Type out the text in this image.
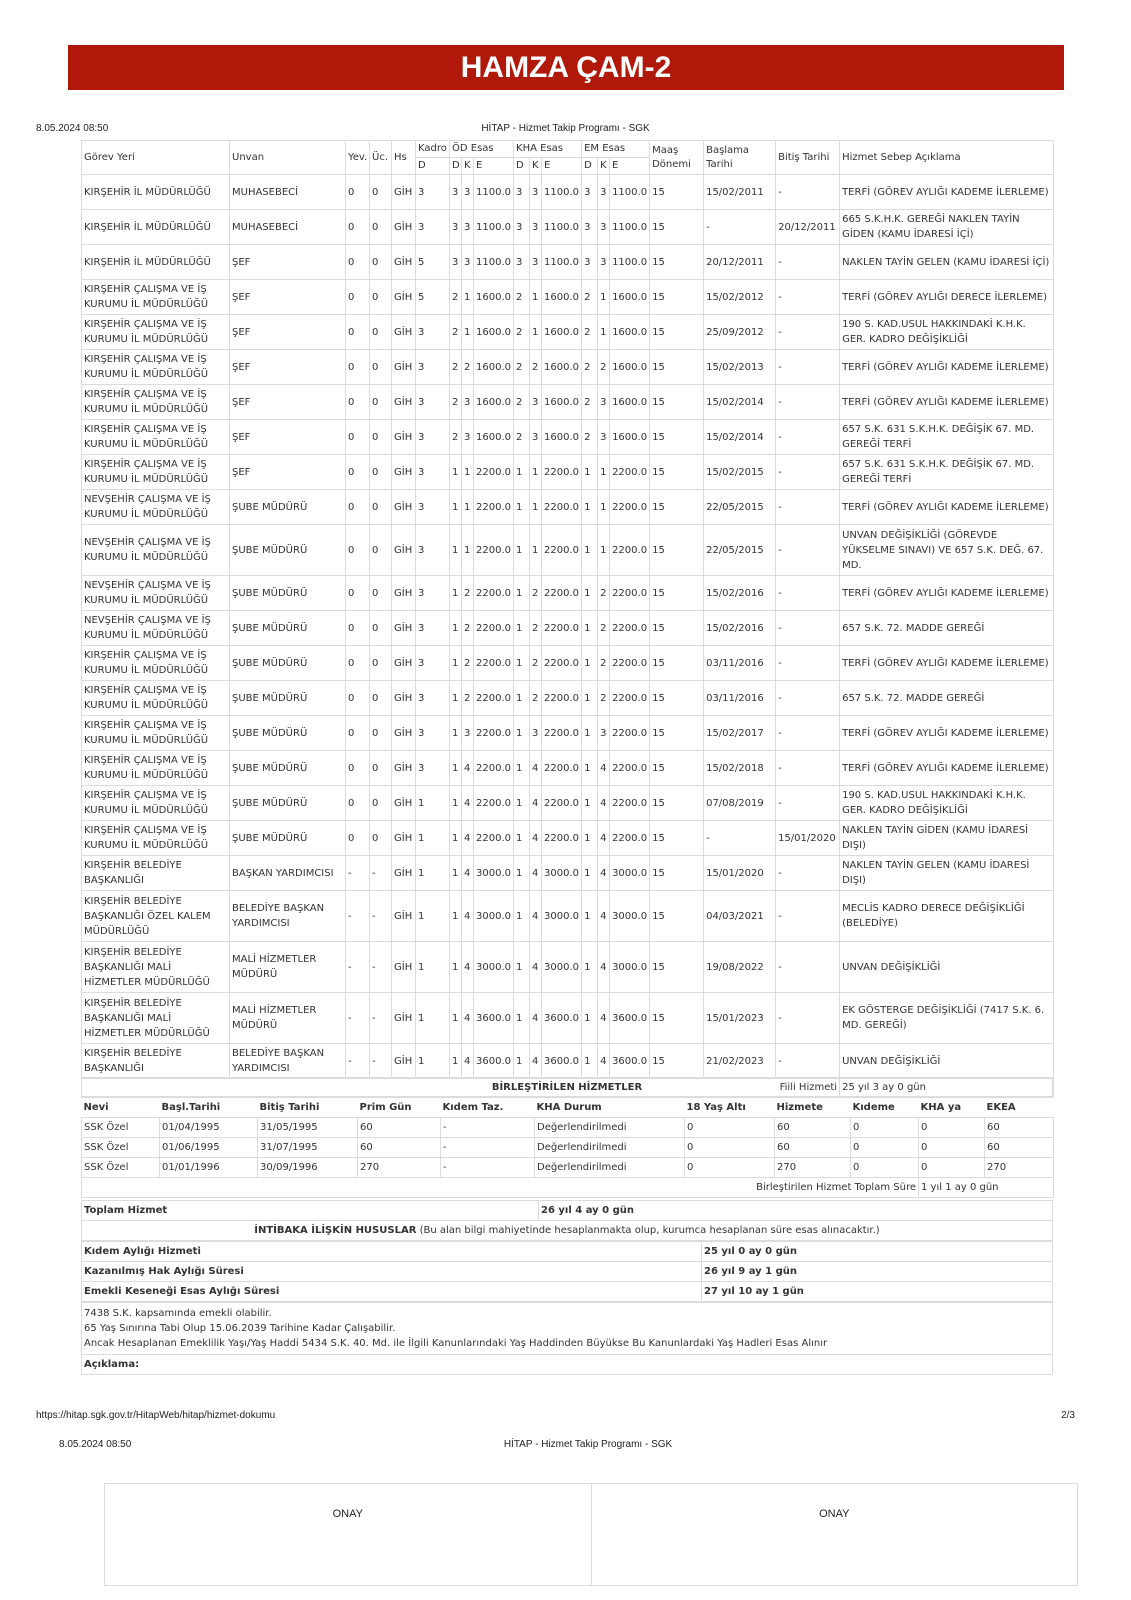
HAMZA ÇAM-2
8.05.2024 08:50	HİTAP - Hizmet Takip Programı - SGK
Görev Yeri	Unvan	Yev.	Üc.	Hs	Kadro	ÖD Esas			KHA Esas			EM Esas			Maaş Dönemi	Başlama Tarihi	Bitiş Tarihi	Hizmet Sebep Açıklama
					D	D	K	E	D	K	E	D	K	E				
KIRŞEHİR İL MÜDÜRLÜĞÜ	MUHASEBECİ	0	0	GİH	3	3	3	1100.0	3	3	1100.0	3	3	1100.0	15	15/02/2011	-	TERFİ (GÖREV AYLIĞI KADEME İLERLEME)
KIRŞEHİR İL MÜDÜRLÜĞÜ	MUHASEBECİ	0	0	GİH	3	3	3	1100.0	3	3	1100.0	3	3	1100.0	15	-	20/12/2011	665 S.K.H.K. GEREĞİ NAKLEN TAYİN GİDEN (KAMU İDARESİ İÇİ)
KIRŞEHİR İL MÜDÜRLÜĞÜ	ŞEF	0	0	GİH	5	3	3	1100.0	3	3	1100.0	3	3	1100.0	15	20/12/2011	-	NAKLEN TAYİN GELEN (KAMU İDARESİ İÇİ)
KIRŞEHİR ÇALIŞMA VE İŞ KURUMU İL MÜDÜRLÜĞÜ	ŞEF	0	0	GİH	5	2	1	1600.0	2	1	1600.0	2	1	1600.0	15	15/02/2012	-	TERFİ (GÖREV AYLIĞI DERECE İLERLEME)
KIRŞEHİR ÇALIŞMA VE İŞ KURUMU İL MÜDÜRLÜĞÜ	ŞEF	0	0	GİH	3	2	1	1600.0	2	1	1600.0	2	1	1600.0	15	25/09/2012	-	190 S. KAD.USUL HAKKINDAKİ K.H.K. GER. KADRO DEĞİŞİKLİĞİ
KIRŞEHİR ÇALIŞMA VE İŞ KURUMU İL MÜDÜRLÜĞÜ	ŞEF	0	0	GİH	3	2	2	1600.0	2	2	1600.0	2	2	1600.0	15	15/02/2013	-	TERFİ (GÖREV AYLIĞI KADEME İLERLEME)
KIRŞEHİR ÇALIŞMA VE İŞ KURUMU İL MÜDÜRLÜĞÜ	ŞEF	0	0	GİH	3	2	3	1600.0	2	3	1600.0	2	3	1600.0	15	15/02/2014	-	TERFİ (GÖREV AYLIĞI KADEME İLERLEME)
KIRŞEHİR ÇALIŞMA VE İŞ KURUMU İL MÜDÜRLÜĞÜ	ŞEF	0	0	GİH	3	2	3	1600.0	2	3	1600.0	2	3	1600.0	15	15/02/2014	-	657 S.K. 631 S.K.H.K. DEĞİŞİK 67. MD. GEREĞİ TERFİ
KIRŞEHİR ÇALIŞMA VE İŞ KURUMU İL MÜDÜRLÜĞÜ	ŞEF	0	0	GİH	3	1	1	2200.0	1	1	2200.0	1	1	2200.0	15	15/02/2015	-	657 S.K. 631 S.K.H.K. DEĞİŞİK 67. MD. GEREĞİ TERFİ
NEVŞEHİR ÇALIŞMA VE İŞ KURUMU İL MÜDÜRLÜĞÜ	ŞUBE MÜDÜRÜ	0	0	GİH	3	1	1	2200.0	1	1	2200.0	1	1	2200.0	15	22/05/2015	-	TERFİ (GÖREV AYLIĞI KADEME İLERLEME)
NEVŞEHİR ÇALIŞMA VE İŞ KURUMU İL MÜDÜRLÜĞÜ	ŞUBE MÜDÜRÜ	0	0	GİH	3	1	1	2200.0	1	1	2200.0	1	1	2200.0	15	22/05/2015	-	UNVAN DEĞİŞİKLİĞİ (GÖREVDE YÜKSELME SINAVI) VE 657 S.K. DEĞ. 67. MD.
NEVŞEHİR ÇALIŞMA VE İŞ KURUMU İL MÜDÜRLÜĞÜ	ŞUBE MÜDÜRÜ	0	0	GİH	3	1	2	2200.0	1	2	2200.0	1	2	2200.0	15	15/02/2016	-	TERFİ (GÖREV AYLIĞI KADEME İLERLEME)
NEVŞEHİR ÇALIŞMA VE İŞ KURUMU İL MÜDÜRLÜĞÜ	ŞUBE MÜDÜRÜ	0	0	GİH	3	1	2	2200.0	1	2	2200.0	1	2	2200.0	15	15/02/2016	-	657 S.K. 72. MADDE GEREĞİ
KIRŞEHİR ÇALIŞMA VE İŞ KURUMU İL MÜDÜRLÜĞÜ	ŞUBE MÜDÜRÜ	0	0	GİH	3	1	2	2200.0	1	2	2200.0	1	2	2200.0	15	03/11/2016	-	TERFİ (GÖREV AYLIĞI KADEME İLERLEME)
KIRŞEHİR ÇALIŞMA VE İŞ KURUMU İL MÜDÜRLÜĞÜ	ŞUBE MÜDÜRÜ	0	0	GİH	3	1	2	2200.0	1	2	2200.0	1	2	2200.0	15	03/11/2016	-	657 S.K. 72. MADDE GEREĞİ
KIRŞEHİR ÇALIŞMA VE İŞ KURUMU İL MÜDÜRLÜĞÜ	ŞUBE MÜDÜRÜ	0	0	GİH	3	1	3	2200.0	1	3	2200.0	1	3	2200.0	15	15/02/2017	-	TERFİ (GÖREV AYLIĞI KADEME İLERLEME)
KIRŞEHİR ÇALIŞMA VE İŞ KURUMU İL MÜDÜRLÜĞÜ	ŞUBE MÜDÜRÜ	0	0	GİH	3	1	4	2200.0	1	4	2200.0	1	4	2200.0	15	15/02/2018	-	TERFİ (GÖREV AYLIĞI KADEME İLERLEME)
KIRŞEHİR ÇALIŞMA VE İŞ KURUMU İL MÜDÜRLÜĞÜ	ŞUBE MÜDÜRÜ	0	0	GİH	1	1	4	2200.0	1	4	2200.0	1	4	2200.0	15	07/08/2019	-	190 S. KAD.USUL HAKKINDAKİ K.H.K. GER. KADRO DEĞİŞİKLİĞİ
KIRŞEHİR ÇALIŞMA VE İŞ KURUMU İL MÜDÜRLÜĞÜ	ŞUBE MÜDÜRÜ	0	0	GİH	1	1	4	2200.0	1	4	2200.0	1	4	2200.0	15	-	15/01/2020	NAKLEN TAYİN GİDEN (KAMU İDARESİ DIŞI)
KIRŞEHİR BELEDİYE BAŞKANLIĞI	BAŞKAN YARDIMCISI	-	-	GİH	1	1	4	3000.0	1	4	3000.0	1	4	3000.0	15	15/01/2020	-	NAKLEN TAYİN GELEN (KAMU İDARESİ DIŞI)
KIRŞEHİR BELEDİYE BAŞKANLIĞI ÖZEL KALEM MÜDÜRLÜĞÜ	BELEDİYE BAŞKAN YARDIMCISI	-	-	GİH	1	1	4	3000.0	1	4	3000.0	1	4	3000.0	15	04/03/2021	-	MECLİS KADRO DERECE DEĞİŞİKLİĞİ (BELEDİYE)
KIRŞEHİR BELEDİYE BAŞKANLIĞI MALİ HİZMETLER MÜDÜRLÜĞÜ	MALİ HİZMETLER MÜDÜRÜ	-	-	GİH	1	1	4	3000.0	1	4	3000.0	1	4	3000.0	15	19/08/2022	-	UNVAN DEĞİŞİKLİĞİ
KIRŞEHİR BELEDİYE BAŞKANLIĞI MALİ HİZMETLER MÜDÜRLÜĞÜ	MALİ HİZMETLER MÜDÜRÜ	-	-	GİH	1	1	4	3600.0	1	4	3600.0	1	4	3600.0	15	15/01/2023	-	EK GÖSTERGE DEĞİŞİKLİĞİ (7417 S.K. 6. MD. GEREĞİ)
KIRŞEHİR BELEDİYE BAŞKANLIĞI	BELEDİYE BAŞKAN YARDIMCISI	-	-	GİH	1	1	4	3600.0	1	4	3600.0	1	4	3600.0	15	21/02/2023	-	UNVAN DEĞİŞİKLİĞİ
Fiili Hizmeti																		25 yıl 3 ay 0 gün
BİRLEŞTİRİLEN HİZMETLER
Nevi	Başl.Tarihi	Bitiş Tarihi	Prim Gün	Kıdem Taz.	KHA Durum	18 Yaş Altı	Hizmete	Kıdeme	KHA ya	EKEA
SSK Özel	01/04/1995	31/05/1995	60	-	Değerlendirilmedi	0	60	0	0	60
SSK Özel	01/06/1995	31/07/1995	60	-	Değerlendirilmedi	0	60	0	0	60
SSK Özel	01/01/1996	30/09/1996	270	-	Değerlendirilmedi	0	270	0	0	270
Birleştirilen Hizmet Toplam Süre									1 yıl 1 ay 0 gün	
Toplam Hizmet	26 yıl 4 ay 0 gün
İNTİBAKA İLİŞKİN HUSUSLAR (Bu alan bilgi mahiyetinde hesaplanmakta olup, kurumca hesaplanan süre esas alınacaktır.)
Kıdem Aylığı Hizmeti	25 yıl 0 ay 0 gün
Kazanılmış Hak Aylığı Süresi	26 yıl 9 ay 1 gün
Emekli Keseneği Esas Aylığı Süresi	27 yıl 10 ay 1 gün
7438 S.K. kapsamında emekli olabilir.
65 Yaş Sınırına Tabi Olup 15.06.2039 Tarihine Kadar Çalışabilir.
Ancak Hesaplanan Emeklilik Yaşı/Yaş Haddi 5434 S.K. 40. Md. ile İlgili Kanunlarındaki Yaş Haddinden Büyükse Bu Kanunlardaki Yaş Hadleri Esas Alınır

Açıklama:
https://hitap.sgk.gov.tr/HitapWeb/hitap/hizmet-dokumu	2/3
8.05.2024 08:50	HİTAP - Hizmet Takip Programı - SGK
ONAY	ONAY
